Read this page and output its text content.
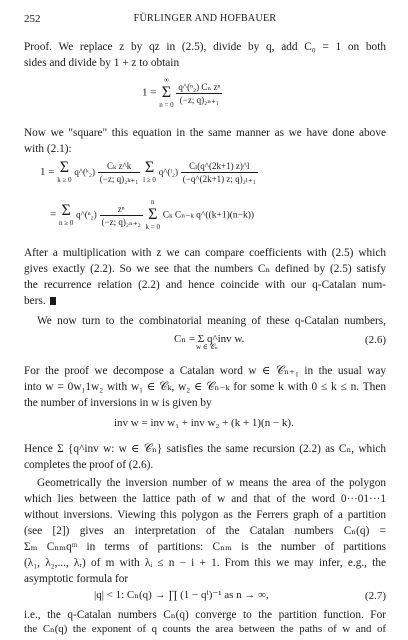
252	FÜRLINGER AND HOFBAUER
Proof. We replace z by qz in (2.5), divide by q, add C₀ = 1 on both
sides and divide by 1 + z to obtain
1 =
∞
Σ
n = 0
$\frac{\text{q\textasciicircum{}(ⁿ₂) Cₙ zⁿ}}{\text{(−z; q)₂ₙ₊₁}}$
Now we "square" this equation in the same manner as we have done above
with (2.1):
1 = Σ
k ≥ 0
q^(ᵏ₂) $\frac{\text{Cₖ z\textasciicircum{}k}}{\text{(−z; q)₂ₖ₊₁}}$
Σ
l ≥ 0
q^(ˡ₂) $\frac{\text{Cₗ(q\textasciicircum{}(2k+1) z)\textasciicircum{}l}}{\text{(−q\textasciicircum{}(2k+1) z; q)₂ₗ₊₁}}$
= Σ
n ≥ 0
q^(ⁿ₂) $\frac{\text{zⁿ}}{\text{(−z; q)₂ₙ₊₂}}$

n
Σ
k = 0
Cₖ Cₙ₋ₖ q^((k+1)(n−k))
After a multiplication with z we can compare coefficients with (2.5) which
gives exactly (2.2). So we see that the numbers Cₙ defined by (2.5) satisfy
the recurrence relation (2.2) and hence coincide with our q-Catalan num-
bers.
We now turn to the combinatorial meaning of these q-Catalan numbers,
Cₙ = Σ q^inv w.
w ∈ 𝒞ₙ
(2.6)
For the proof we decompose a Catalan word w ∈ 𝒞ₙ₊₁ in the usual way
into w = 0w₁1w₂ with w₁ ∈ 𝒞ₖ, w₂ ∈ 𝒞ₙ₋ₖ for some k with 0 ≤ k ≤ n. Then
the number of inversions in w is given by
inv w = inv w₁ + inv w₂ + (k + 1)(n − k).
Hence Σ {q^inv w: w ∈ 𝒞ₙ} satisfies the same recursion (2.2) as Cₙ, which
completes the proof of (2.6).
Geometrically the inversion number of w means the area of the polygon
which lies between the lattice path of w and that of the word 0···01···1
without inversions. Viewing this polygon as the Ferrers graph of a partition
(see [2]) gives an interpretation of the Catalan numbers Cₙ(q) =
Σₘ Cₙₘqᵐ in terms of partitions: Cₙₘ is the number of partitions
(λ₁, λ₂,..., λᵣ) of m with λᵢ ≤ n − i + 1. From this we may infer, e.g., the
asymptotic formula for
|q| < 1: Cₙ(q) → ∏ (1 − qⁱ)⁻¹ as n → ∞,	(2.7)
i.e., the q-Catalan numbers Cₙ(q) converge to the partition function. For
the Cₙ(q) the exponent of q counts the area between the paths of w and of
